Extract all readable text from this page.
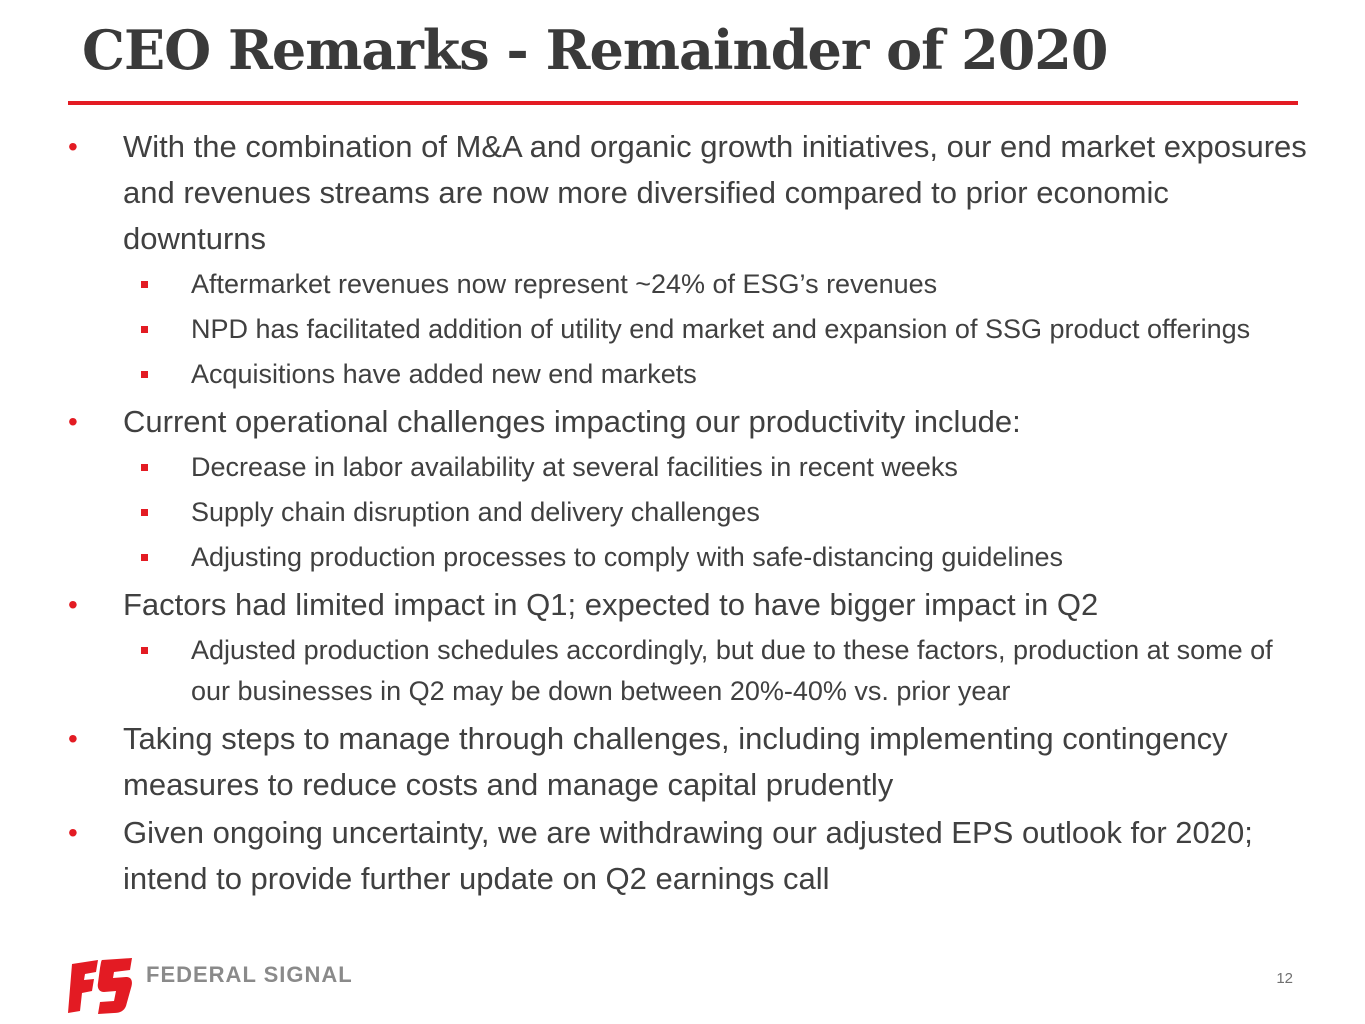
CEO Remarks - Remainder of 2020
•	With the combination of M&A and organic growth initiatives, our end market exposures and revenues streams are now more diversified compared to prior economic downturns
Aftermarket revenues now represent ~24% of ESG’s revenues
NPD has facilitated addition of utility end market and expansion of SSG product offerings
Acquisitions have added new end markets
•	Current operational challenges impacting our productivity include:
Decrease in labor availability at several facilities in recent weeks
Supply chain disruption and delivery challenges
Adjusting production processes to comply with safe-distancing guidelines
•	Factors had limited impact in Q1; expected to have bigger impact in Q2
Adjusted production schedules accordingly, but due to these factors, production at some of our businesses in Q2 may be down between 20%-40% vs. prior year
•	Taking steps to manage through challenges, including implementing contingency measures to reduce costs and manage capital prudently
•	Given ongoing uncertainty, we are withdrawing our adjusted EPS outlook for 2020; intend to provide further update on Q2 earnings call
FEDERAL SIGNAL	12
